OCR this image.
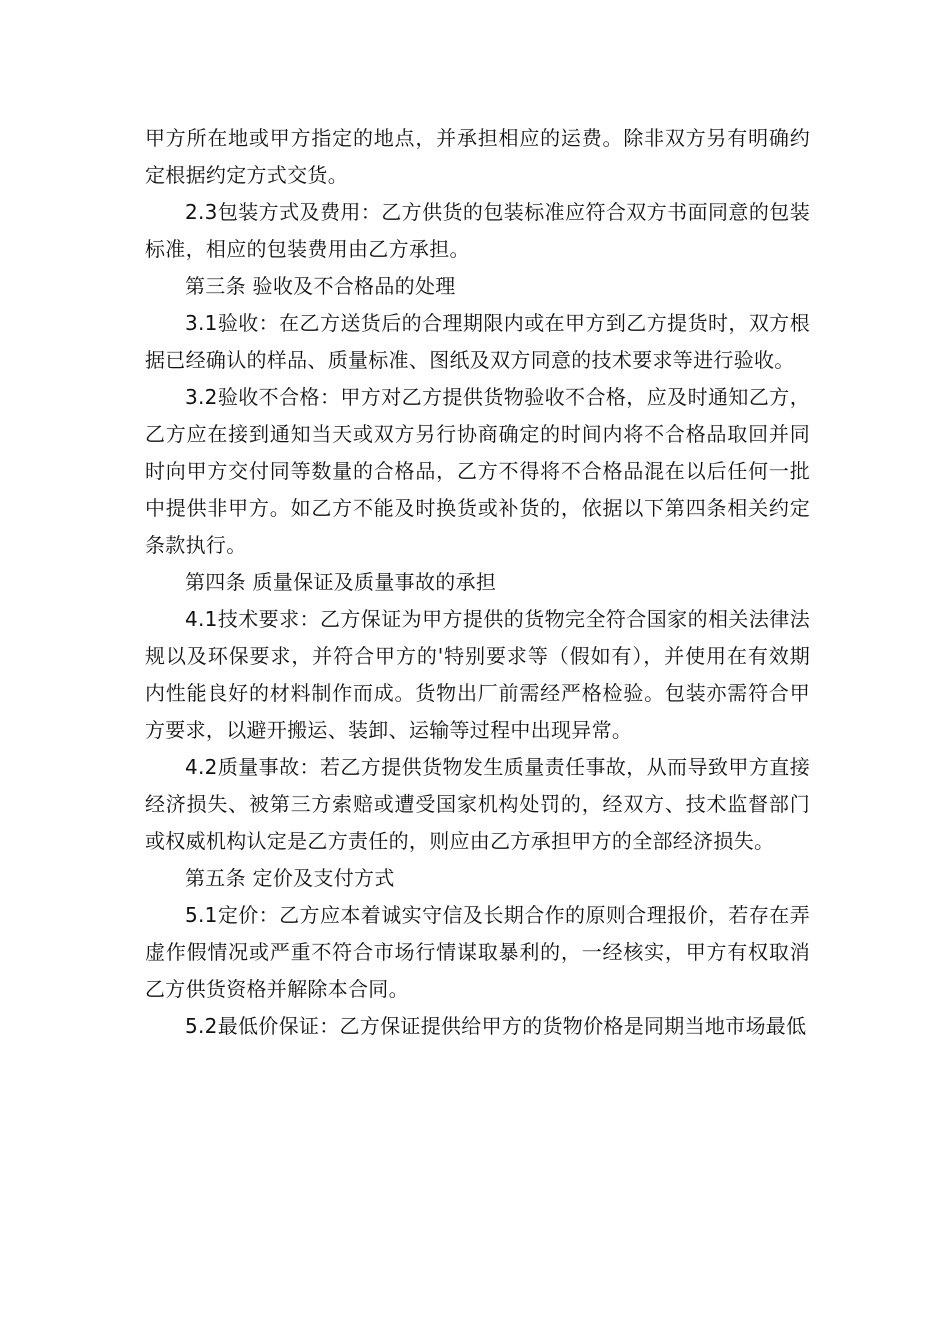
甲方所在地或甲方指定的地点，并承担相应的运费。除非双方另有明确约定根据约定方式交货。

2.3包装方式及费用：乙方供货的包装标准应符合双方书面同意的包装标准，相应的包装费用由乙方承担。

第三条 验收及不合格品的处理

3.1验收：在乙方送货后的合理期限内或在甲方到乙方提货时，双方根据已经确认的样品、质量标准、图纸及双方同意的技术要求等进行验收。

3.2验收不合格：甲方对乙方提供货物验收不合格，应及时通知乙方，乙方应在接到通知当天或双方另行协商确定的时间内将不合格品取回并同时向甲方交付同等数量的合格品，乙方不得将不合格品混在以后任何一批中提供非甲方。如乙方不能及时换货或补货的，依据以下第四条相关约定条款执行。

第四条 质量保证及质量事故的承担

4.1技术要求：乙方保证为甲方提供的货物完全符合国家的相关法律法规以及环保要求，并符合甲方的'特别要求等（假如有），并使用在有效期内性能良好的材料制作而成。货物出厂前需经严格检验。包装亦需符合甲方要求，以避开搬运、装卸、运输等过程中出现异常。

4.2质量事故：若乙方提供货物发生质量责任事故，从而导致甲方直接经济损失、被第三方索赔或遭受国家机构处罚的，经双方、技术监督部门或权威机构认定是乙方责任的，则应由乙方承担甲方的全部经济损失。

第五条 定价及支付方式

5.1定价：乙方应本着诚实守信及长期合作的原则合理报价，若存在弄虚作假情况或严重不符合市场行情谋取暴利的，一经核实，甲方有权取消乙方供货资格并解除本合同。

5.2最低价保证：乙方保证提供给甲方的货物价格是同期当地市场最低
